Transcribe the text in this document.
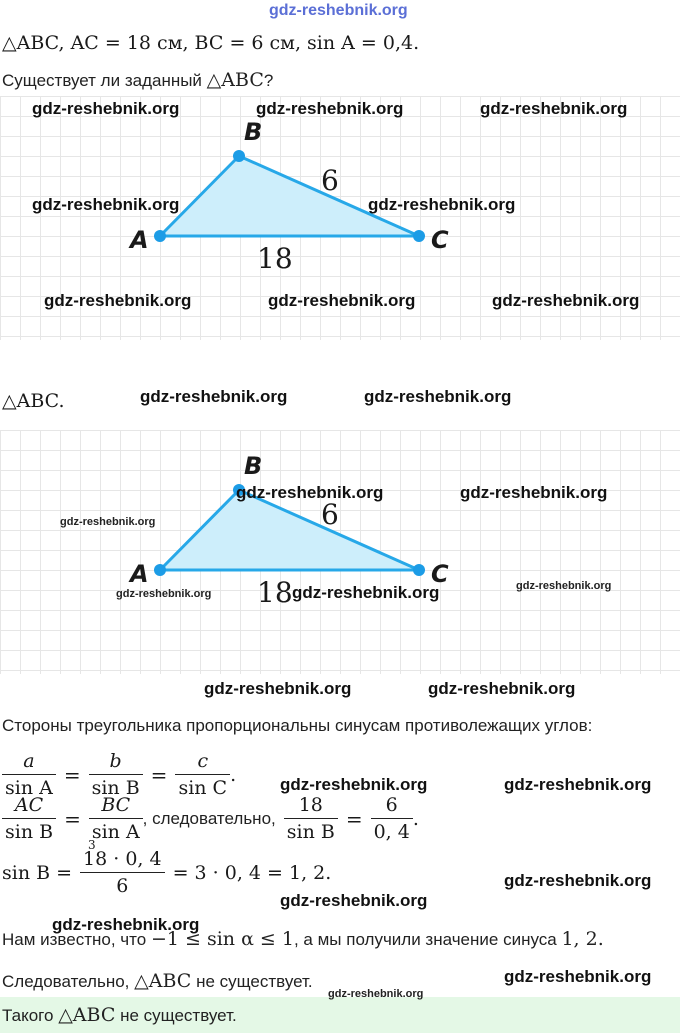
gdz-reshebnik.org
△ABC, AC = 18 см, BC = 6 см, sin A = 0,4.
Существует ли заданный △ABC?
A
B
C
6
18
gdz-reshebnik.org	gdz-reshebnik.org	gdz-reshebnik.org
gdz-reshebnik.org	gdz-reshebnik.org
gdz-reshebnik.org	gdz-reshebnik.org	gdz-reshebnik.org
△ABC.	gdz-reshebnik.org	gdz-reshebnik.org
A
B
C
6
18
gdz-reshebnik.org	gdz-reshebnik.org
gdz-reshebnik.org
gdz-reshebnik.org	gdz-reshebnik.org	gdz-reshebnik.org
gdz-reshebnik.org	gdz-reshebnik.org
Стороны треугольника пропорциональны синусам противолежащих углов:
$\frac{a}{\text{sin A}} = \frac{b}{\text{sin B}} = \frac{c}{\text{sin C}}$ .	gdz-reshebnik.org	gdz-reshebnik.org
$\frac{AC}{\text{sin B}} = \frac{BC}{\text{sin A}}$ , следовательно, $\frac{18}{\text{sin B}} = \frac{6}{0, 4}$ .
sin B =
3
18 · 0, 4
6
= 3 · 0, 4 = 1, 2.	gdz-reshebnik.org
gdz-reshebnik.org
gdz-reshebnik.org
Нам известно, что −1 ≤ sin α ≤ 1, а мы получили значение синуса 1, 2.
Следовательно, △ABC не существует.	gdz-reshebnik.org
Такого △ABC не существует.
gdz-reshebnik.org
